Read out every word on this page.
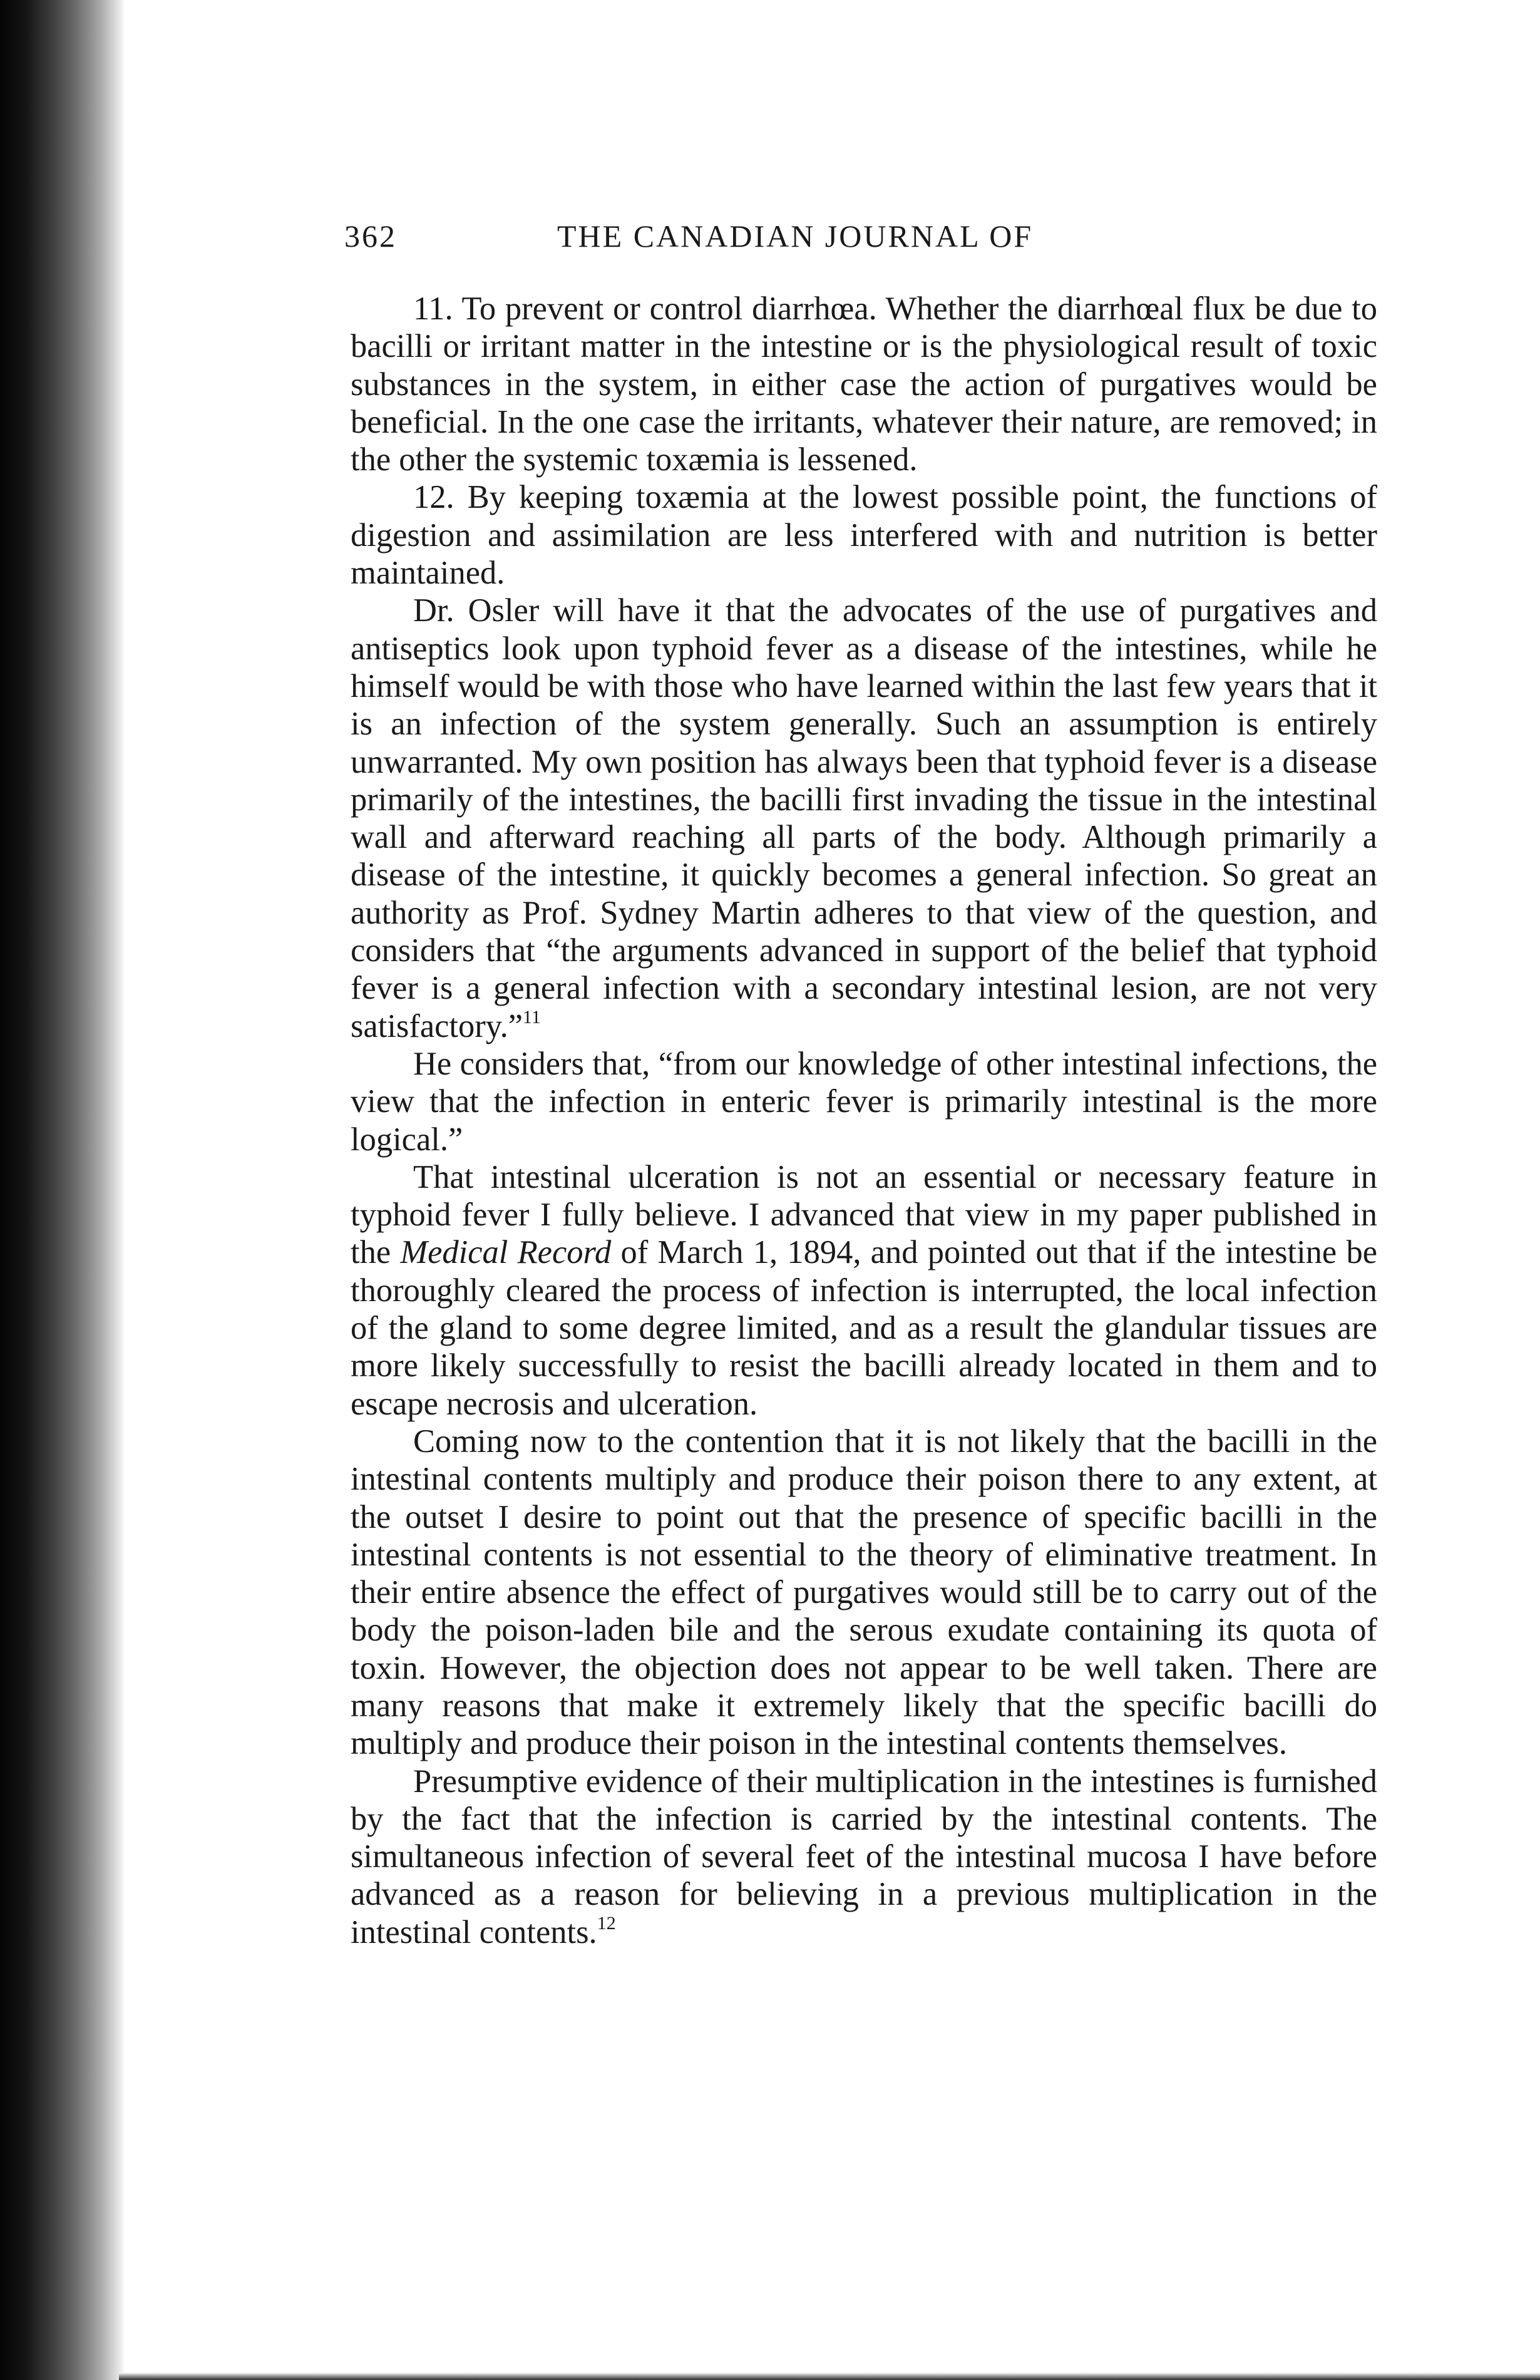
362	THE CANADIAN JOURNAL OF

11. To prevent or control diarrhœa. Whether the diarrhœal flux be due to bacilli or irritant matter in the intestine or is the physiological result of toxic substances in the system, in either case the action of purgatives would be beneficial. In the one case the irritants, whatever their nature, are removed; in the other the systemic toxæmia is lessened.

12. By keeping toxæmia at the lowest possible point, the functions of digestion and assimilation are less interfered with and nutrition is better maintained.

Dr. Osler will have it that the advocates of the use of purgatives and antiseptics look upon typhoid fever as a disease of the intestines, while he himself would be with those who have learned within the last few years that it is an infection of the system generally. Such an assumption is entirely unwarranted. My own position has always been that typhoid fever is a disease primarily of the intestines, the bacilli first invading the tissue in the intestinal wall and afterward reaching all parts of the body. Although primarily a disease of the intestine, it quickly becomes a general infection. So great an authority as Prof. Sydney Martin adheres to that view of the question, and considers that “the arguments advanced in support of the belief that typhoid fever is a general infection with a secondary intestinal lesion, are not very satisfactory.”$^{11}$

He considers that, “from our knowledge of other intestinal infections, the view that the infection in enteric fever is primarily intestinal is the more logical.”

That intestinal ulceration is not an essential or necessary feature in typhoid fever I fully believe. I advanced that view in my paper published in the Medical Record of March 1, 1894, and pointed out that if the intestine be thoroughly cleared the process of infection is interrupted, the local infection of the gland to some degree limited, and as a result the glandular tissues are more likely successfully to resist the bacilli already located in them and to escape necrosis and ulceration.

Coming now to the contention that it is not likely that the bacilli in the intestinal contents multiply and produce their poison there to any extent, at the outset I desire to point out that the presence of specific bacilli in the intestinal contents is not essential to the theory of eliminative treatment. In their entire absence the effect of purgatives would still be to carry out of the body the poison-laden bile and the serous exudate containing its quota of toxin. However, the objection does not appear to be well taken. There are many reasons that make it extremely likely that the specific bacilli do multiply and produce their poison in the intestinal contents themselves.

Presumptive evidence of their multiplication in the intestines is furnished by the fact that the infection is carried by the intestinal contents. The simultaneous infection of several feet of the intestinal mucosa I have before advanced as a reason for believing in a previous multiplication in the intestinal contents.$^{12}$
